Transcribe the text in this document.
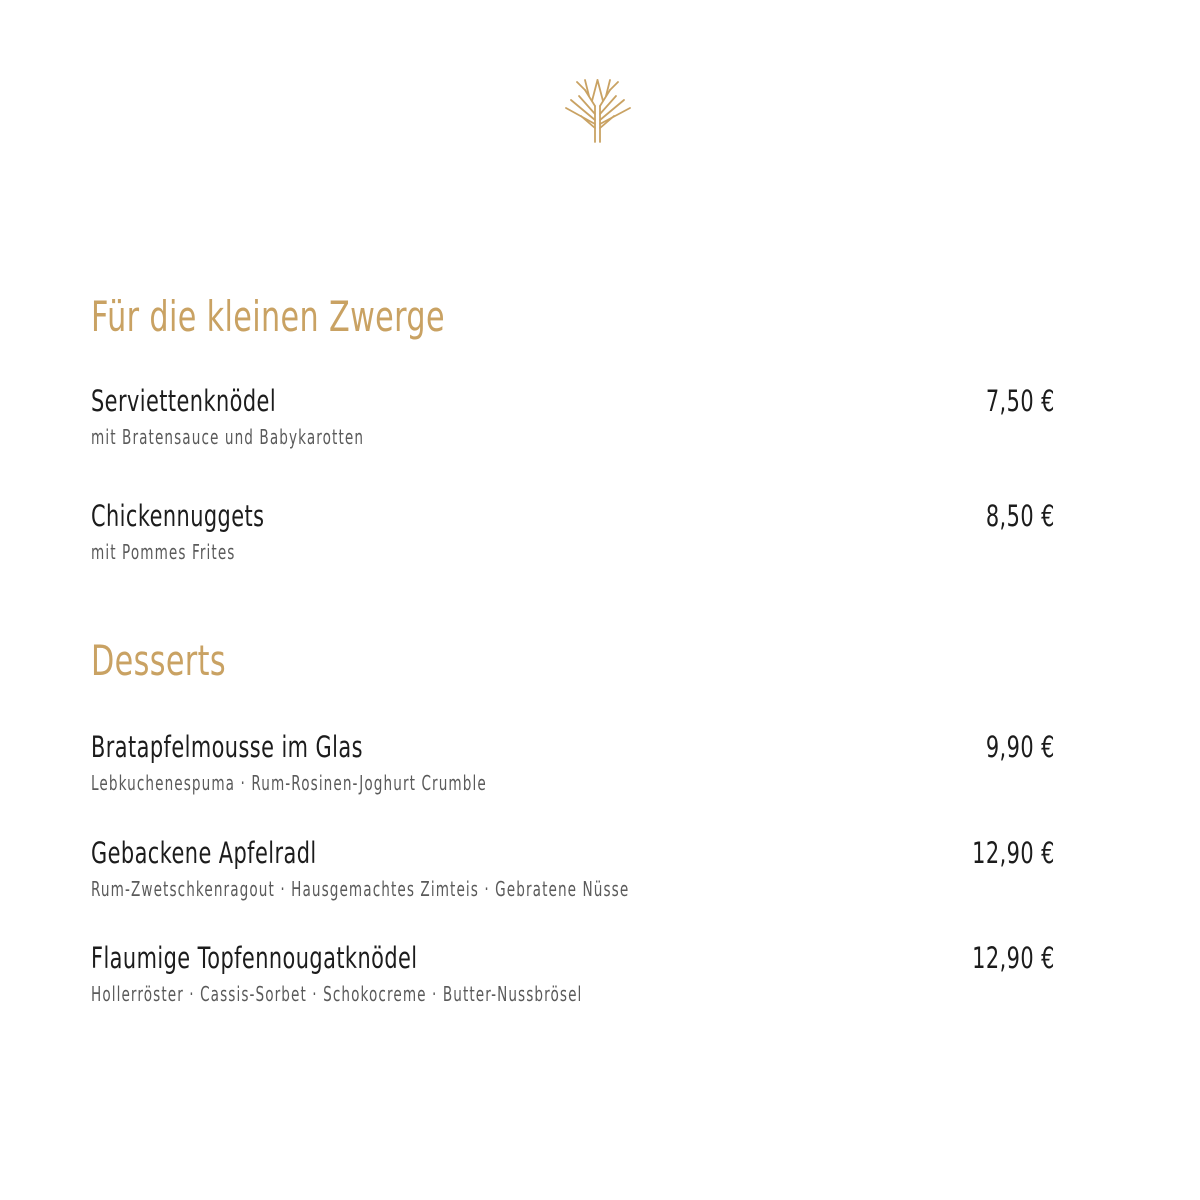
Für die kleinen Zwerge
Serviettenknödel	7,50 €
mit Bratensauce und Babykarotten
Chickennuggets	8,50 €
mit Pommes Frites
Desserts
Bratapfelmousse im Glas	9,90 €
Lebkuchenespuma · Rum-Rosinen-Joghurt Crumble
Gebackene Apfelradl	12,90 €
Rum-Zwetschkenragout · Hausgemachtes Zimteis · Gebratene Nüsse
Flaumige Topfennougatknödel	12,90 €
Hollerröster · Cassis-Sorbet · Schokocreme · Butter-Nussbrösel
